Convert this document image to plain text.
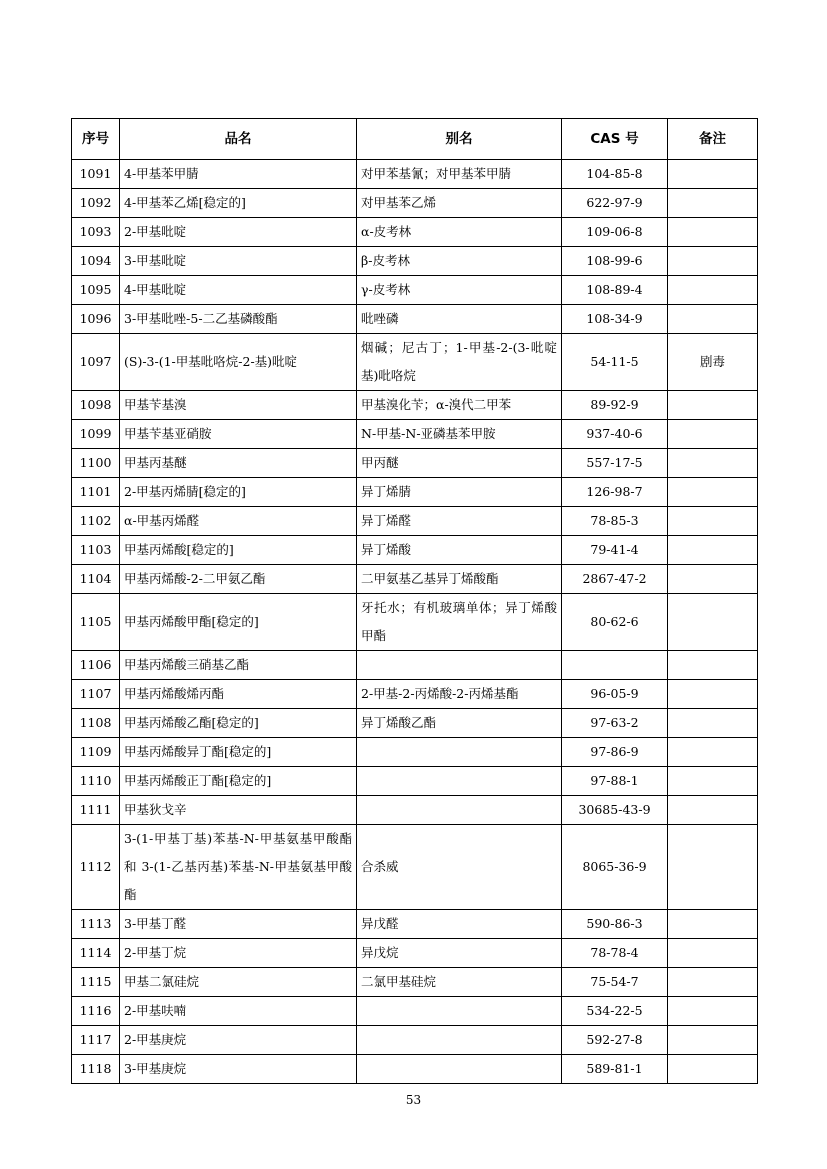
序号	品名	别名	CAS 号	备注
1091	4-甲基苯甲腈	对甲苯基氰；对甲基苯甲腈	104-85-8	
1092	4-甲基苯乙烯[稳定的]	对甲基苯乙烯	622-97-9	
1093	2-甲基吡啶	α-皮考林	109-06-8	
1094	3-甲基吡啶	β-皮考林	108-99-6	
1095	4-甲基吡啶	γ-皮考林	108-89-4	
1096	3-甲基吡唑-5-二乙基磷酸酯	吡唑磷	108-34-9	
1097	(S)-3-(1-甲基吡咯烷-2-基)吡啶	烟碱；尼古丁；1-甲基-2-(3-吡啶基)吡咯烷	54-11-5	剧毒
1098	甲基苄基溴	甲基溴化苄；α-溴代二甲苯	89-92-9	
1099	甲基苄基亚硝胺	N-甲基-N-亚磷基苯甲胺	937-40-6	
1100	甲基丙基醚	甲丙醚	557-17-5	
1101	2-甲基丙烯腈[稳定的]	异丁烯腈	126-98-7	
1102	α-甲基丙烯醛	异丁烯醛	78-85-3	
1103	甲基丙烯酸[稳定的]	异丁烯酸	79-41-4	
1104	甲基丙烯酸-2-二甲氨乙酯	二甲氨基乙基异丁烯酸酯	2867-47-2	
1105	甲基丙烯酸甲酯[稳定的]	牙托水；有机玻璃单体；异丁烯酸甲酯	80-62-6	
1106	甲基丙烯酸三硝基乙酯			
1107	甲基丙烯酸烯丙酯	2-甲基-2-丙烯酸-2-丙烯基酯	96-05-9	
1108	甲基丙烯酸乙酯[稳定的]	异丁烯酸乙酯	97-63-2	
1109	甲基丙烯酸异丁酯[稳定的]		97-86-9	
1110	甲基丙烯酸正丁酯[稳定的]		97-88-1	
1111	甲基狄戈辛		30685-43-9	
1112	3-(1-甲基丁基)苯基-N-甲基氨基甲酸酯 和 3-(1-乙基丙基)苯基-N-甲基氨基甲酸酯	合杀威	8065-36-9	
1113	3-甲基丁醛	异戊醛	590-86-3	
1114	2-甲基丁烷	异戊烷	78-78-4	
1115	甲基二氯硅烷	二氯甲基硅烷	75-54-7	
1116	2-甲基呋喃		534-22-5	
1117	2-甲基庚烷		592-27-8	
1118	3-甲基庚烷		589-81-1	
53
